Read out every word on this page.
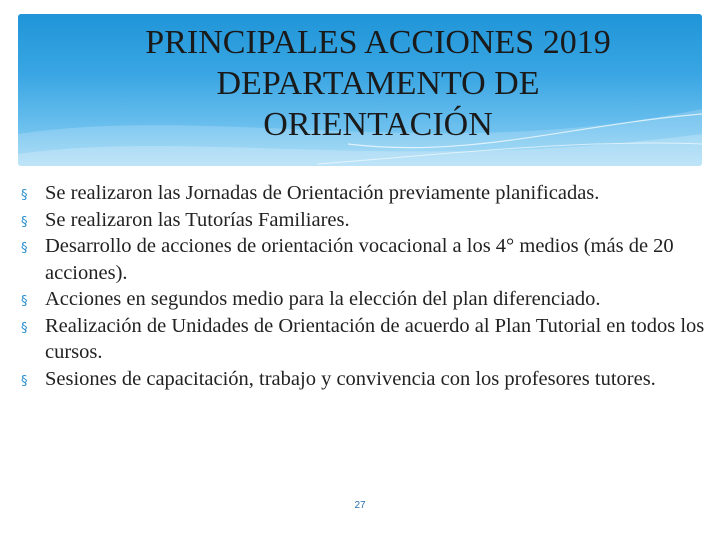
PRINCIPALES ACCIONES 2019
DEPARTAMENTO DE
ORIENTACIÓN
§ Se realizaron las Jornadas de Orientación previamente planificadas.
§ Se realizaron las Tutorías Familiares.
§ Desarrollo de acciones de orientación vocacional a los 4° medios (más de 20 acciones).
§ Acciones en segundos medio para la elección del plan diferenciado.
§ Realización de Unidades de Orientación de acuerdo al Plan Tutorial en todos los cursos.
§ Sesiones de capacitación, trabajo y convivencia con los profesores tutores.
27
